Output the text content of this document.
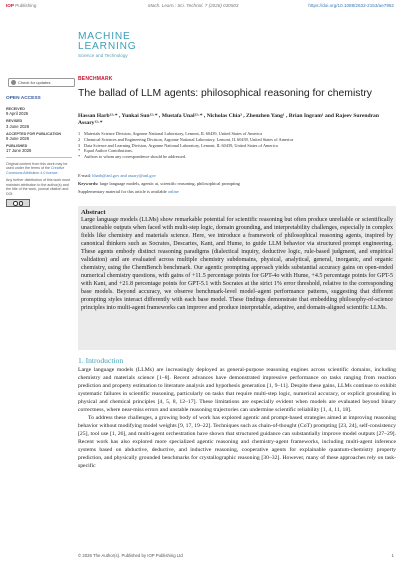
IOP Publishing	Mach. Learn.: Sci. Technol. 7 (2026) 030503	https://doi.org/10.1088/2632-2153/ae7952
MACHINE
LEARNING
Science and Technology
Check for updates
BENCHMARK
The ballad of LLM agents: philosophical reasoning for chemistry
OPEN ACCESS
RECEIVED
9 April 2026
REVISED
3 June 2026
ACCEPTED FOR PUBLICATION
9 June 2026
PUBLISHED
17 June 2026
Original content from this work may be used under the terms of the Creative Commons Attribution 4.0 licence.
Any further distribution of this work must maintain attribution to the author(s) and the title of the work, journal citation and DOI.
Hassan Harb¹²·* , Yunkai Sun¹²·* , Mustafa Unal¹²·* , Nicholas Chia³ , Zhenzhen Yang¹ , Brian Ingram¹ and Rajeev Surendran Assary¹²·*
1 Materials Science Division, Argonne National Laboratory, Lemont, IL 60439, United States of America
2 Chemical Sciences and Engineering Division, Argonne National Laboratory, Lemont, IL 60439, United States of America
3 Data Science and Learning Division, Argonne National Laboratory, Lemont, IL 60439, United States of America
* Equal Author Contributions.
* Authors to whom any correspondence should be addressed.
E-mail: hharb@anl.gov and assary@anl.gov
Keywords: large language models, agentic ai, scientific reasoning, philosophical prompting
Supplementary material for this article is available online
Abstract

Large language models (LLMs) show remarkable potential for scientific reasoning but often produce unreliable or scientifically unactionable outputs when faced with multi-step logic, domain grounding, and interpretability challenges, especially in complex fields like chemistry and materials science. Here, we introduce a framework of philosophical reasoning agents, inspired by canonical thinkers such as Socrates, Descartes, Kant, and Hume, to guide LLM behavior via structured prompt engineering. These agents embody distinct reasoning paradigms (dialectical inquiry, deductive logic, rule-based judgment, and empirical validation) and are evaluated across multiple chemistry subdomains, physical, analytical, general, inorganic, and organic chemistry, using the ChemBench benchmark. Our agentic prompting approach yields substantial accuracy gains on open-ended numerical chemistry questions, with gains of +11.5 percentage points for GPT-4o with Hume, +4.5 percentage points for GPT-5 with Kant, and +21.8 percentage points for GPT-5.1 with Socrates at the strict 1% error threshold, relative to the corresponding base models. Beyond accuracy, we observe benchmark-level model–agent performance patterns, suggesting that different prompting styles interact differently with each base model. These findings demonstrate that embedding philosophy-of-science principles into multi-agent frameworks can improve and produce interpretable, adaptive, and domain-aligned scientific LLMs.

1. Introduction

Large language models (LLMs) are increasingly deployed as general-purpose reasoning engines across scientific domains, including chemistry and materials science [1–8]. Recent advances have demonstrated impressive performance on tasks ranging from reaction prediction and property estimation to literature analysis and hypothesis generation [1, 9–11]. Despite these gains, LLMs continue to exhibit systematic failures in scientific reasoning, particularly on tasks that require multi-step logic, numerical accuracy, or explicit grounding in physical and chemical principles [4, 5, 8, 12–17]. These limitations are especially evident when models are evaluated beyond binary correctness, where near-miss errors and unstable reasoning trajectories can undermine scientific reliability [1, 4, 11, 18].

To address these challenges, a growing body of work has explored agentic and prompt-based strategies aimed at improving reasoning behavior without modifying model weights [9, 17, 19–22]. Techniques such as chain-of-thought (CoT) prompting [23, 24], self-consistency [25], tool use [1, 26], and multi-agent orchestration have shown that structured guidance can substantially improve model outputs [27–29]. Recent work has also explored more specialized agentic reasoning and chemistry-agent frameworks, including multi-agent inference systems based on abductive, deductive, and inductive reasoning, cooperative agents for explainable quantum-chemistry property prediction, and physically grounded benchmarks for crystallographic reasoning [30–32]. However, many of these approaches rely on task-specific

© 2026 The Author(s). Published by IOP Publishing Ltd	1
